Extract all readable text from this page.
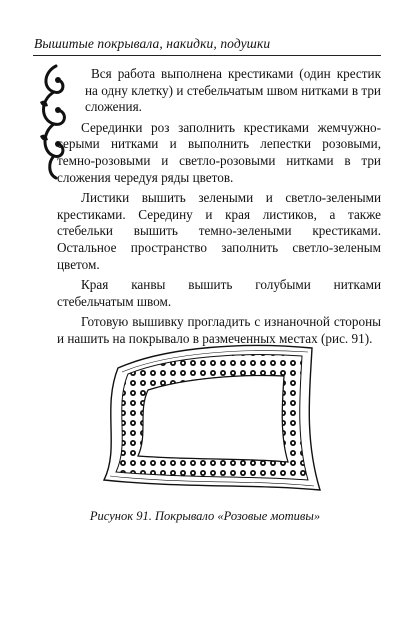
Вышитые покрывала, накидки, подушки

Вся работа выполнена крестиками (один крестик на одну клетку) и стебельчатым швом нитками в три сложения.

Серединки роз заполнить крестиками жемчужно-серыми нитками и выполнить лепестки розовыми, темно-розовыми и светло-розовыми нитками в три сложения чередуя ряды цветов.

Листики вышить зелеными и светло-зелеными крестиками. Середину и края листиков, а также стебельки вышить темно-зелеными крестиками. Остальное пространство заполнить светло-зеленым цветом.

Края канвы вышить голубыми нитками стебельчатым швом.

Готовую вышивку прогладить с изнаночной стороны и нашить на покрывало в размеченных местах (рис. 91).

Рисунок 91. Покрывало «Розовые мотивы»
